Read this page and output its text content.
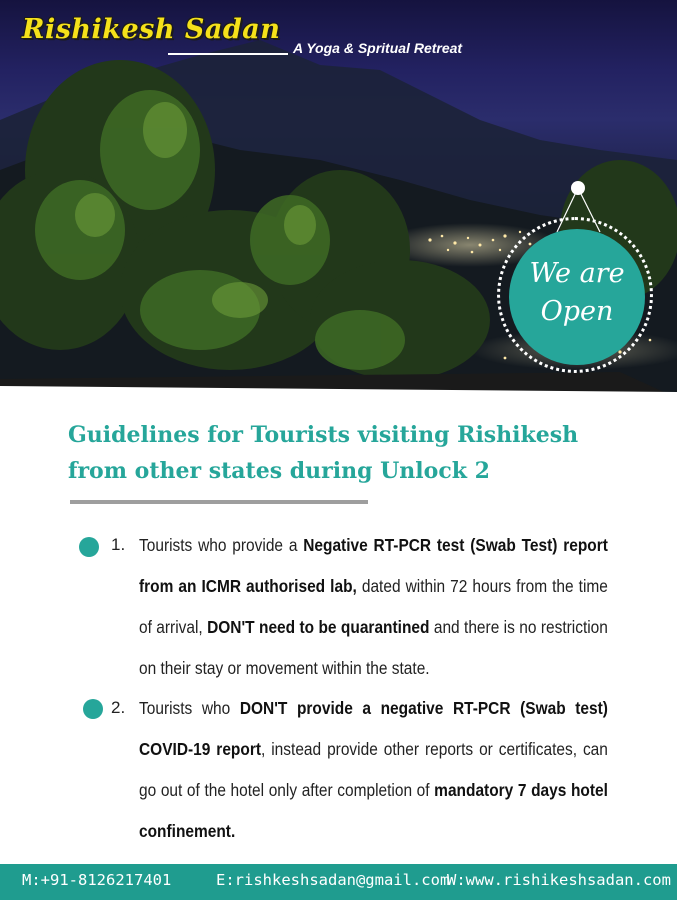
Rishikesh Sadan
A Yoga & Spritual Retreat
We are
Open
Guidelines for Tourists visiting Rishikesh
from other states during Unlock 2
1. Tourists who provide a Negative RT-PCR test (Swab Test) report from an ICMR authorised lab, dated within 72 hours from the time of arrival, DON'T need to be quarantined and there is no restriction on their stay or movement within the state.
2. Tourists who DON'T provide a negative RT-PCR (Swab test) COVID-19 report, instead provide other reports or certificates, can go out of the hotel only after completion of mandatory 7 days hotel confinement.
M:+91-8126217401	E:rishkeshsadan@gmail.com
W:www.rishikeshsadan.com
